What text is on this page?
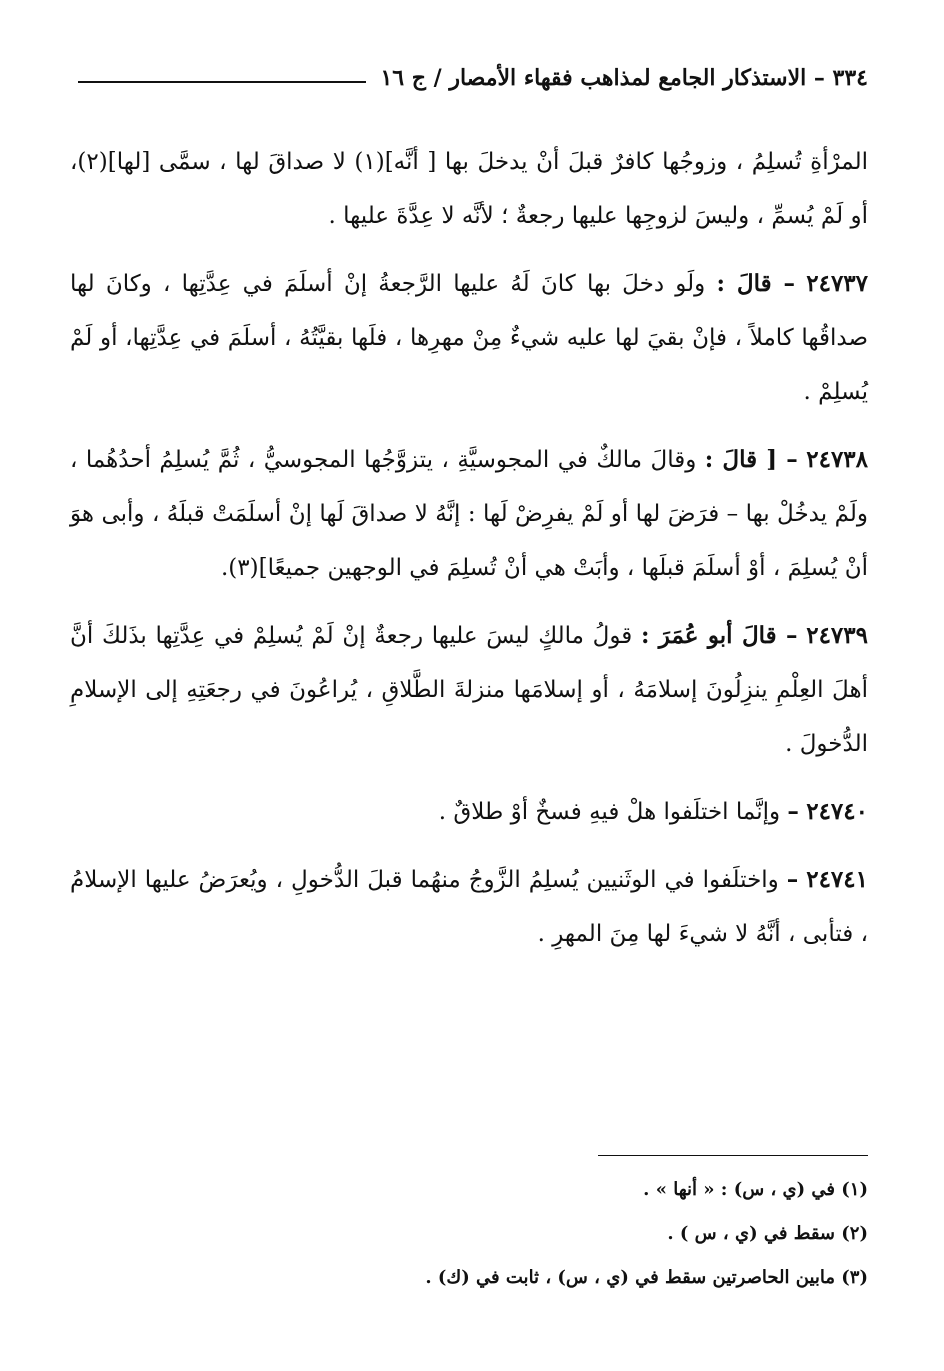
٣٣٤ – الاستذكار الجامع لمذاهب فقهاء الأمصار / ج ١٦

المرْأةِ تُسلِمُ ، وزوجُها كافرٌ قبلَ أنْ يدخلَ بها [ أنَّه](١) لا صداقَ لها ، سمَّى [لها](٢)، أو لَمْ يُسمِّ ، وليسَ لزوجِها عليها رجعةٌ ؛ لأنَّه لا عِدَّةَ عليها .

٢٤٧٣٧ – قالَ : ولَو دخلَ بها كانَ لَهُ عليها الرَّجعةُ إنْ أسلَمَ في عِدَّتِها ، وكانَ لها صداقُها كاملاً ، فإنْ بقيَ لها عليه شيءٌ مِنْ مهرِها ، فلَها بقيَّتُهُ ، أسلَمَ في عِدَّتِها، أو لَمْ يُسلِمْ .

٢٤٧٣٨ – [ قالَ : وقالَ مالكٌ في المجوسيَّةِ ، يتزوَّجُها المجوسيُّ ، ثُمَّ يُسلِمُ أحدُهُما ، ولَمْ يدخُلْ بها – فرَضَ لها أو لَمْ يفرِضْ لَها : إنَّهُ لا صداقَ لَها إنْ أسلَمَتْ قبلَهُ ، وأبى هوَ أنْ يُسلِمَ ، أوْ أسلَمَ قبلَها ، وأبَتْ هي أنْ تُسلِمَ في الوجهين جميعًا](٣).

٢٤٧٣٩ – قالَ أبو عُمَرَ : قولُ مالكٍ ليسَ عليها رجعةٌ إنْ لَمْ يُسلِمْ في عِدَّتِها بذَلكَ أنَّ أهلَ العِلْمِ ينزِلُونَ إسلامَهُ ، أو إسلامَها منزلةَ الطَّلاقِ ، يُراعُونَ في رجعَتِهِ إلى الإسلامِ الدُّخولَ .

٢٤٧٤٠ – وإنَّما اختلَفوا هلْ فيهِ فسخٌ أوْ طلاقٌ .

٢٤٧٤١ – واختلَفوا في الوثَنيين يُسلِمُ الزَّوجُ منهُما قبلَ الدُّخولِ ، ويُعرَضُ عليها الإسلامُ ، فتأبى ، أنَّهُ لا شيءَ لها مِنَ المهرِ .

(١) في (ي ، س) : « أنها » .
(٢) سقط في (ي ، س ) .
(٣) مابين الحاصرتين سقط في (ي ، س) ، ثابت في (ك) .
